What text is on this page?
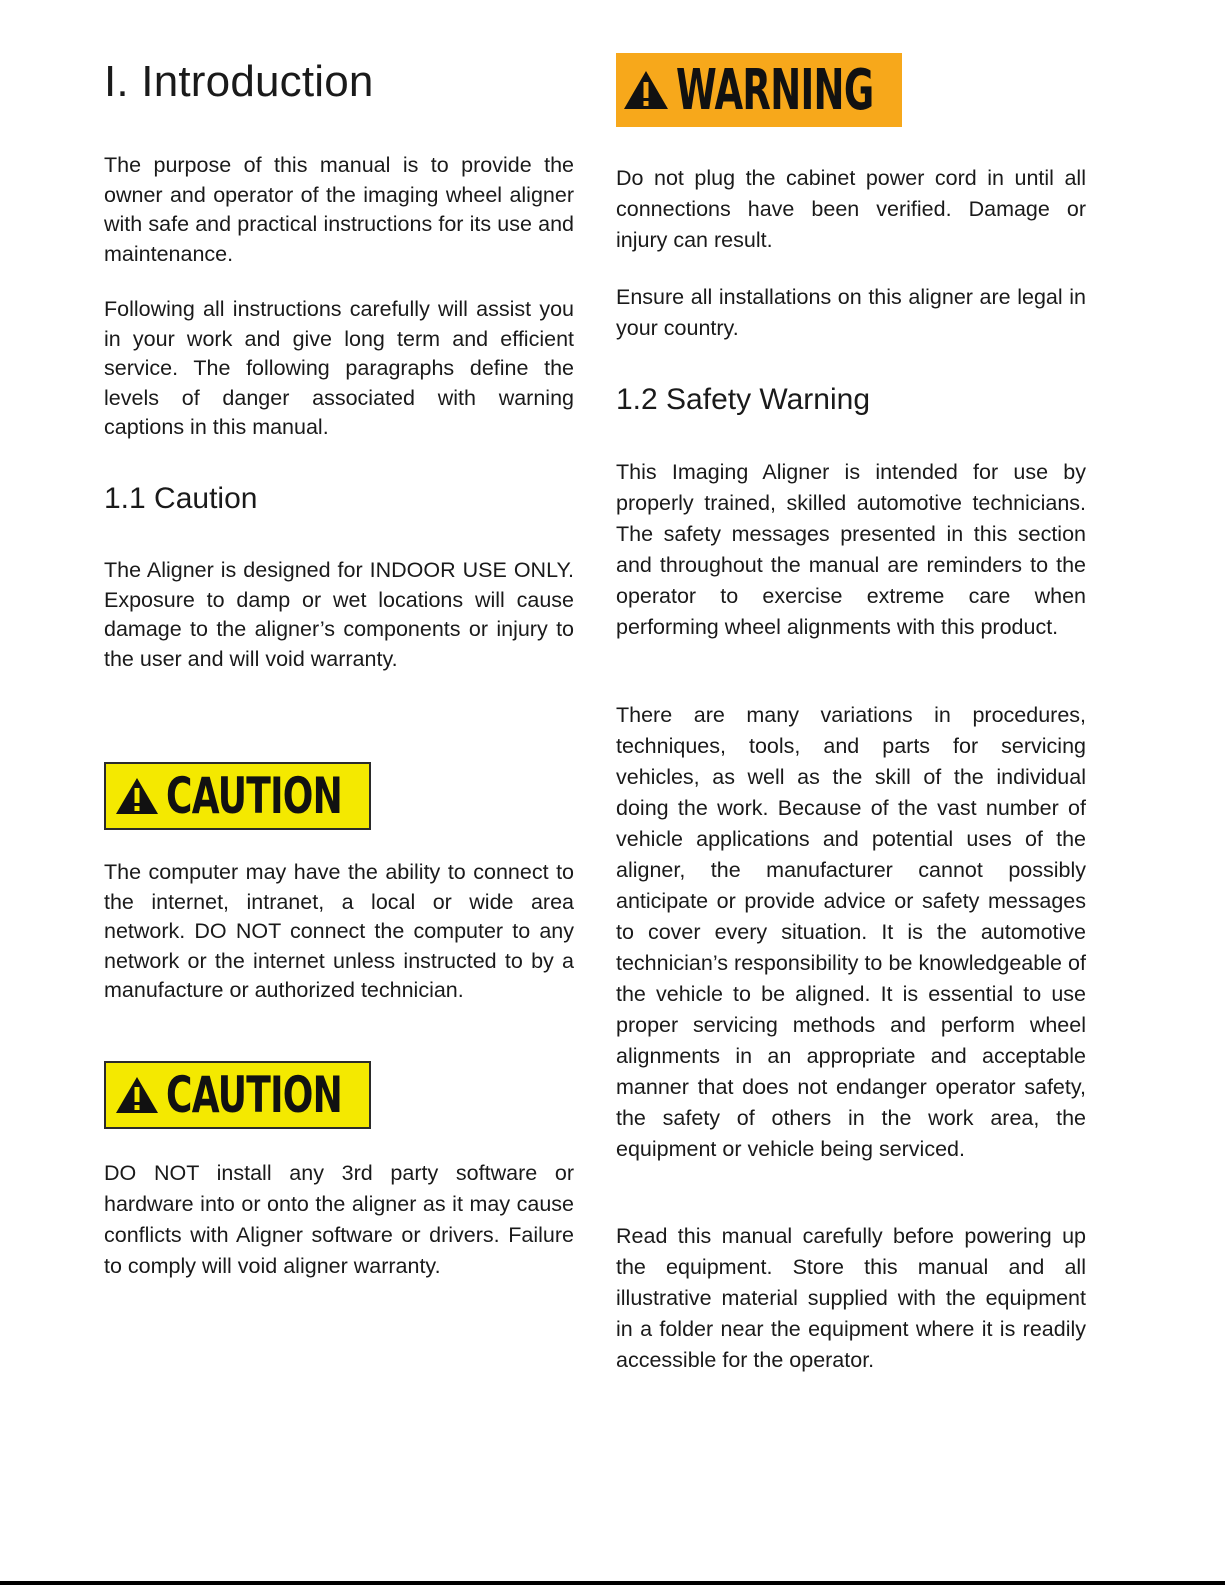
I. Introduction

The purpose of this manual is to provide the owner and operator of the imaging wheel aligner with safe and practical instructions for its use and maintenance.

Following all instructions carefully will assist you in your work and give long term and efficient service. The following paragraphs define the levels of danger associated with warning captions in this manual.

1.1 Caution

The Aligner is designed for INDOOR USE ONLY. Exposure to damp or wet locations will cause damage to the aligner’s components or injury to the user and will void warranty.

CAUTION

The computer may have the ability to connect to the internet, intranet, a local or wide area network. DO NOT connect the computer to any network or the internet unless instructed to by a manufacture or authorized technician.

CAUTION

DO NOT install any 3rd party software or hardware into or onto the aligner as it may cause conflicts with Aligner software or drivers. Failure to comply will void aligner warranty.

WARNING

Do not plug the cabinet power cord in until all connections have been verified. Damage or injury can result.

Ensure all installations on this aligner are legal in your country.

1.2 Safety Warning

This Imaging Aligner is intended for use by properly trained, skilled automotive technicians. The safety messages presented in this section and throughout the manual are reminders to the operator to exercise extreme care when performing wheel alignments with this product.

There are many variations in procedures, techniques, tools, and parts for servicing vehicles, as well as the skill of the individual doing the work. Because of the vast number of vehicle applications and potential uses of the aligner, the manufacturer cannot possibly anticipate or provide advice or safety messages to cover every situation. It is the automotive technician’s responsibility to be knowledgeable of the vehicle to be aligned. It is essential to use proper servicing methods and perform wheel alignments in an appropriate and acceptable manner that does not endanger operator safety, the safety of others in the work area, the equipment or vehicle being serviced.

Read this manual carefully before powering up the equipment. Store this manual and all illustrative material supplied with the equipment in a folder near the equipment where it is readily accessible for the operator.
